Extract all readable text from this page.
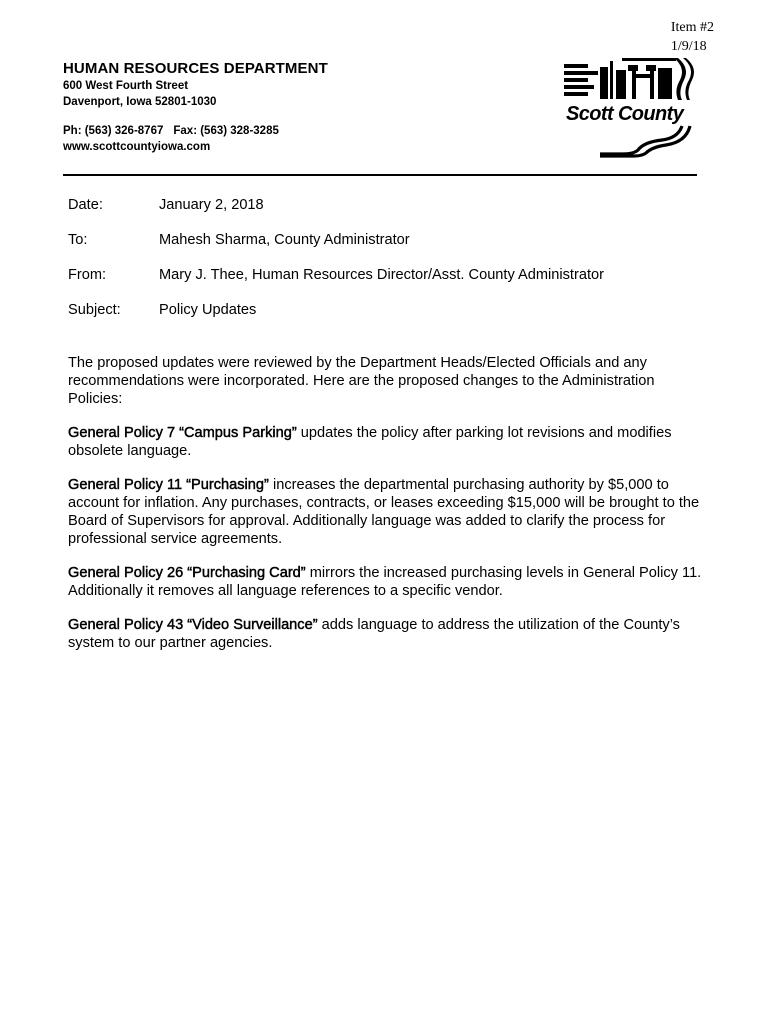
Item #2
1/9/18
HUMAN RESOURCES DEPARTMENT
600 West Fourth Street
Davenport, Iowa 52801-1030
Ph: (563) 326-8767 Fax: (563) 328-3285
www.scottcountyiowa.com
Scott County
Date:	January 2, 2018
To:	Mahesh Sharma, County Administrator
From:	Mary J. Thee, Human Resources Director/Asst. County Administrator
Subject:	Policy Updates

The proposed updates were reviewed by the Department Heads/Elected Officials and any recommendations were incorporated. Here are the proposed changes to the Administration Policies:

General Policy 7 “Campus Parking” updates the policy after parking lot revisions and modifies obsolete language.

General Policy 11 “Purchasing” increases the departmental purchasing authority by $5,000 to account for inflation. Any purchases, contracts, or leases exceeding $15,000 will be brought to the Board of Supervisors for approval. Additionally language was added to clarify the process for professional service agreements.

General Policy 26 “Purchasing Card” mirrors the increased purchasing levels in General Policy 11. Additionally it removes all language references to a specific vendor.

General Policy 43 “Video Surveillance” adds language to address the utilization of the County’s system to our partner agencies.
